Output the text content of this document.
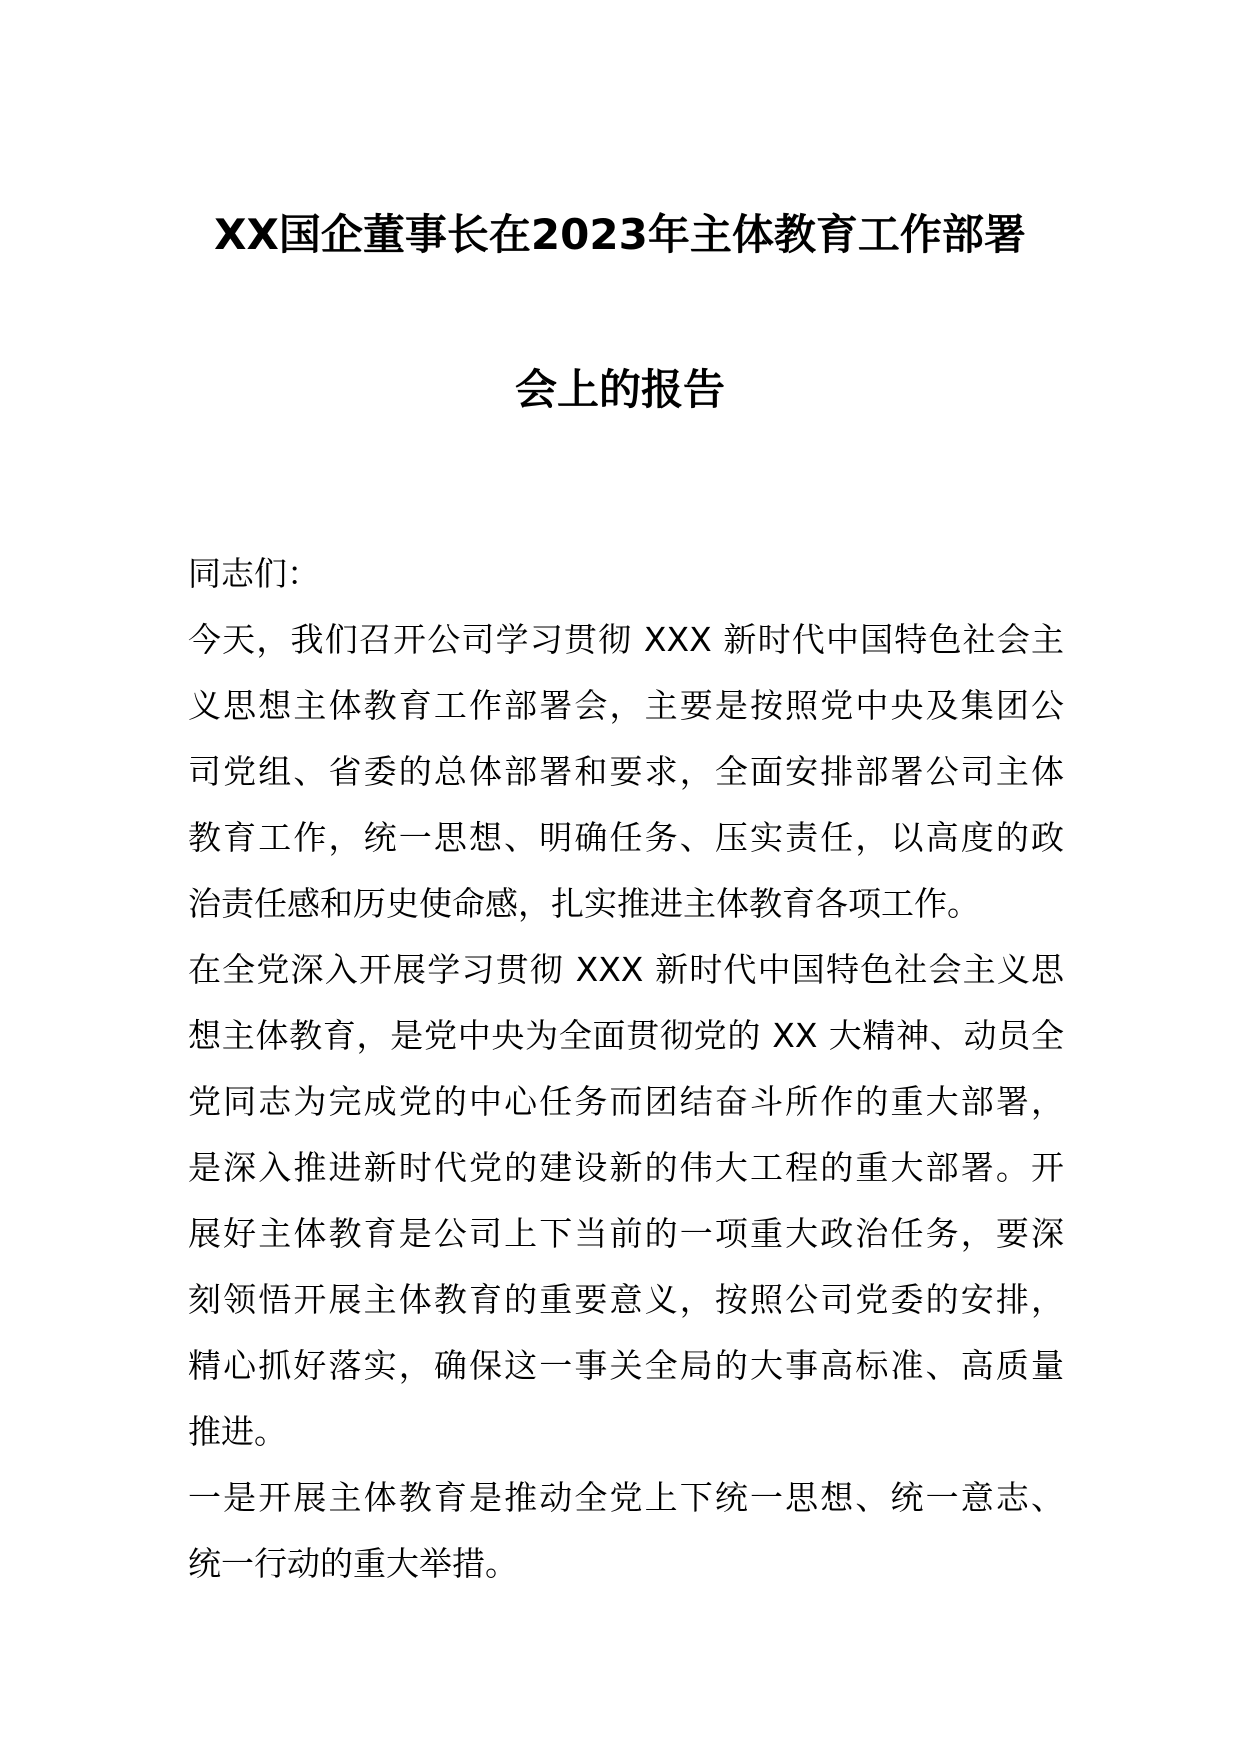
XX国企董事长在2023年主体教育工作部署
会上的报告
同志们：
今天，我们召开公司学习贯彻 XXX 新时代中国特色社会主
义思想主体教育工作部署会，主要是按照党中央及集团公
司党组、省委的总体部署和要求，全面安排部署公司主体
教育工作，统一思想、明确任务、压实责任，以高度的政
治责任感和历史使命感，扎实推进主体教育各项工作。
在全党深入开展学习贯彻 XXX 新时代中国特色社会主义思
想主体教育，是党中央为全面贯彻党的 XX 大精神、动员全
党同志为完成党的中心任务而团结奋斗所作的重大部署，
是深入推进新时代党的建设新的伟大工程的重大部署。开
展好主体教育是公司上下当前的一项重大政治任务，要深
刻领悟开展主体教育的重要意义，按照公司党委的安排，
精心抓好落实，确保这一事关全局的大事高标准、高质量
推进。
一是开展主体教育是推动全党上下统一思想、统一意志、
统一行动的重大举措。
